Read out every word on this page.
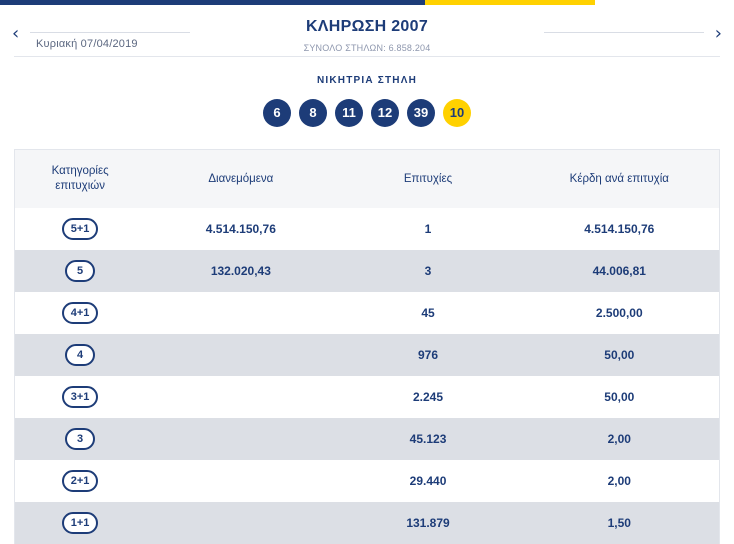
‹	›
ΚΛΗΡΩΣΗ 2007
ΣΥΝΟΛΟ ΣΤΗΛΩΝ: 6.858.204
Κυριακή 07/04/2019
ΝΙΚΗΤΡΙΑ ΣΤΗΛΗ
6	8	11	12	39	10
Κατηγορίες
επιτυχιών	Διανεμόμενα	Επιτυχίες	Κέρδη ανά επιτυχία
5+1	4.514.150,76	1	4.514.150,76
5	132.020,43	3	44.006,81
4+1		45	2.500,00
4		976	50,00
3+1		2.245	50,00
3		45.123	2,00
2+1		29.440	2,00
1+1		131.879	1,50
